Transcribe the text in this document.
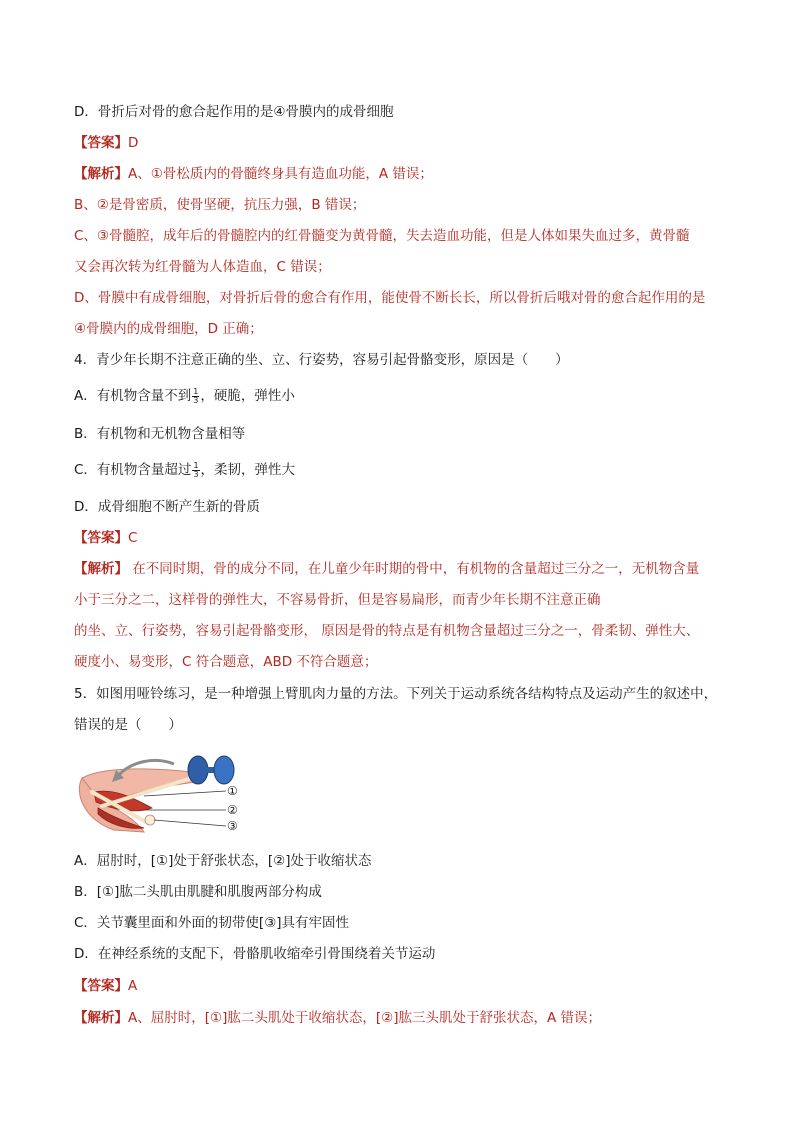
D．骨折后对骨的愈合起作用的是④骨膜内的成骨细胞
【答案】D
【解析】A、①骨松质内的骨髓终身具有造血功能，A 错误；
B、②是骨密质，使骨坚硬，抗压力强，B 错误；
C、③骨髓腔，成年后的骨髓腔内的红骨髓变为黄骨髓，失去造血功能，但是人体如果失血过多，黄骨髓
又会再次转为红骨髓为人体造血，C 错误；
D、骨膜中有成骨细胞，对骨折后骨的愈合有作用，能使骨不断长长，所以骨折后哦对骨的愈合起作用的是
④骨膜内的成骨细胞，D 正确；
4．青少年长期不注意正确的坐、立、行姿势，容易引起骨骼变形，原因是（　　）
A．有机物含量不到 $\frac{1}{3}$ ，硬脆，弹性小
B．有机物和无机物含量相等
C．有机物含量超过 $\frac{1}{3}$ ，柔韧，弹性大
D．成骨细胞不断产生新的骨质
【答案】C
【解析】 在不同时期，骨的成分不同，在儿童少年时期的骨中，有机物的含量超过三分之一，无机物含量
小于三分之二，这样骨的弹性大，不容易骨折，但是容易扁形，而青少年长期不注意正确
的坐、立、行姿势，容易引起骨骼变形， 原因是骨的特点是有机物含量超过三分之一，骨柔韧、弹性大、
硬度小、易变形，C 符合题意，ABD 不符合题意；
5．如图用哑铃练习，是一种增强上臂肌肉力量的方法。下列关于运动系统各结构特点及运动产生的叙述中，
错误的是（　　）
①
②
③
A．屈肘时，[①]处于舒张状态，[②]处于收缩状态
B．[①]肱二头肌由肌腱和肌腹两部分构成
C．关节囊里面和外面的韧带使[③]具有牢固性
D．在神经系统的支配下，骨骼肌收缩牵引骨围绕着关节运动
【答案】A
【解析】A、屈肘时，[①]肱二头肌处于收缩状态，[②]肱三头肌处于舒张状态，A 错误；
